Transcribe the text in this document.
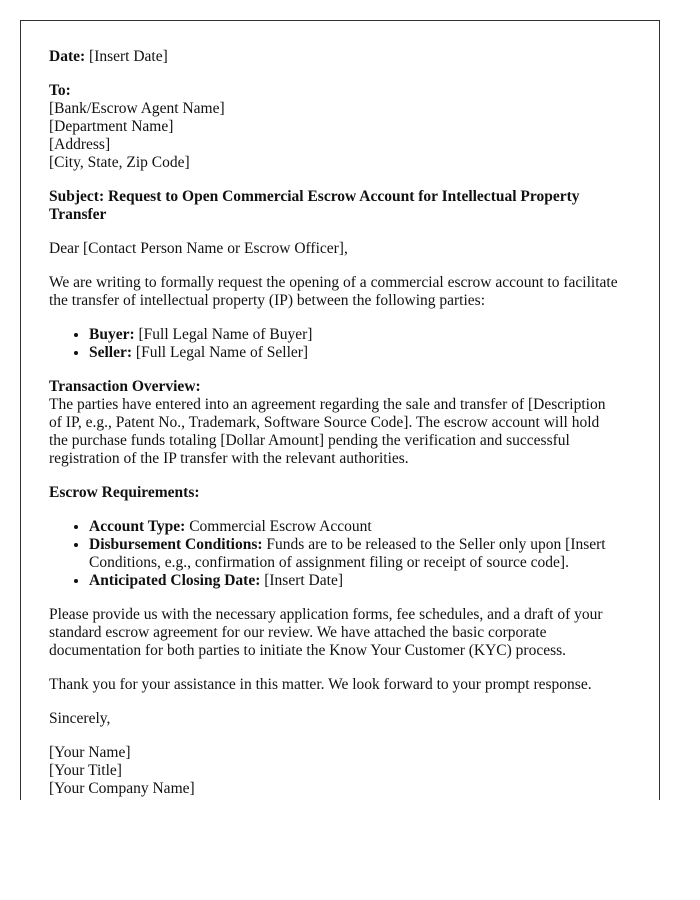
Date: [Insert Date]

To:
[Bank/Escrow Agent Name]
[Department Name]
[Address]
[City, State, Zip Code]

Subject: Request to Open Commercial Escrow Account for Intellectual Property Transfer

Dear [Contact Person Name or Escrow Officer],

We are writing to formally request the opening of a commercial escrow account to facilitate the transfer of intellectual property (IP) between the following parties:

• Buyer: [Full Legal Name of Buyer]
• Seller: [Full Legal Name of Seller]

Transaction Overview:
The parties have entered into an agreement regarding the sale and transfer of [Description of IP, e.g., Patent No., Trademark, Software Source Code]. The escrow account will hold the purchase funds totaling [Dollar Amount] pending the verification and successful registration of the IP transfer with the relevant authorities.

Escrow Requirements:

• Account Type: Commercial Escrow Account
• Disbursement Conditions: Funds are to be released to the Seller only upon [Insert Conditions, e.g., confirmation of assignment filing or receipt of source code].
• Anticipated Closing Date: [Insert Date]

Please provide us with the necessary application forms, fee schedules, and a draft of your standard escrow agreement for our review. We have attached the basic corporate documentation for both parties to initiate the Know Your Customer (KYC) process.

Thank you for your assistance in this matter. We look forward to your prompt response.

Sincerely,

[Your Name]
[Your Title]
[Your Company Name]
